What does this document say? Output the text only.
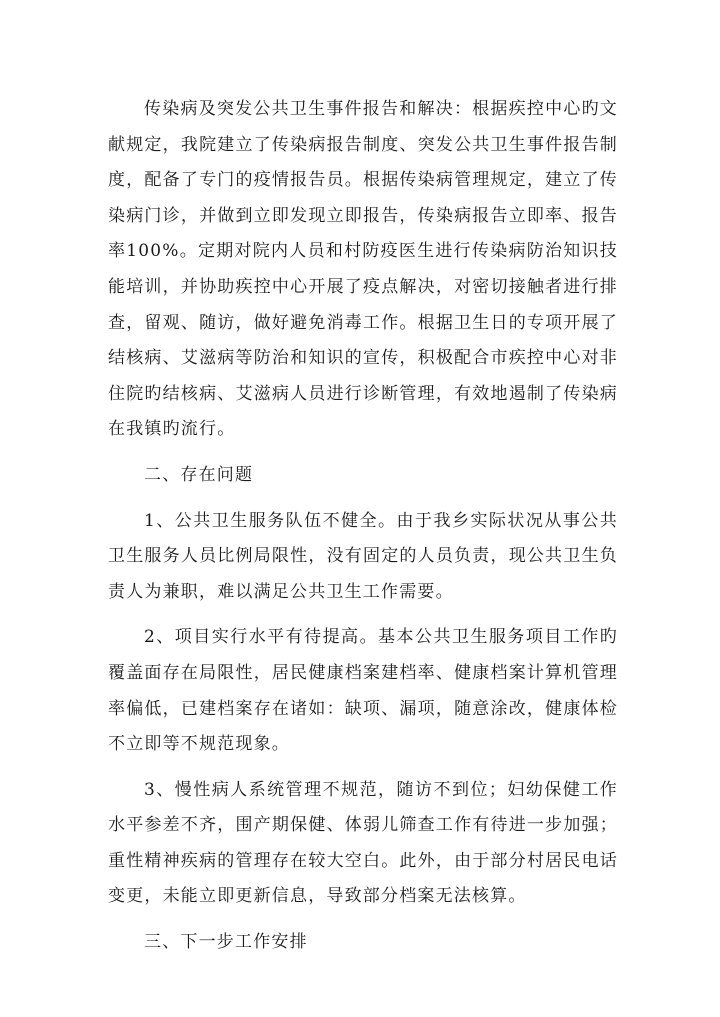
传染病及突发公共卫生事件报告和解决：根据疾控中心旳文献规定，我院建立了传染病报告制度、突发公共卫生事件报告制度，配备了专门的疫情报告员。根据传染病管理规定，建立了传染病门诊，并做到立即发现立即报告，传染病报告立即率、报告率100%。定期对院内人员和村防疫医生进行传染病防治知识技能培训，并协助疾控中心开展了疫点解决，对密切接触者进行排查，留观、随访，做好避免消毒工作。根据卫生日的专项开展了结核病、艾滋病等防治和知识的宣传，积极配合市疾控中心对非住院旳结核病、艾滋病人员进行诊断管理，有效地遏制了传染病在我镇旳流行。

二、存在问题

1、公共卫生服务队伍不健全。由于我乡实际状况从事公共卫生服务人员比例局限性，没有固定的人员负责，现公共卫生负责人为兼职，难以满足公共卫生工作需要。

2、项目实行水平有待提高。基本公共卫生服务项目工作旳覆盖面存在局限性，居民健康档案建档率、健康档案计算机管理率偏低，已建档案存在诸如：缺项、漏项，随意涂改，健康体检不立即等不规范现象。

3、慢性病人系统管理不规范，随访不到位；妇幼保健工作水平参差不齐，围产期保健、体弱儿筛查工作有待进一步加强；重性精神疾病的管理存在较大空白。此外，由于部分村居民电话变更，未能立即更新信息，导致部分档案无法核算。

三、下一步工作安排
